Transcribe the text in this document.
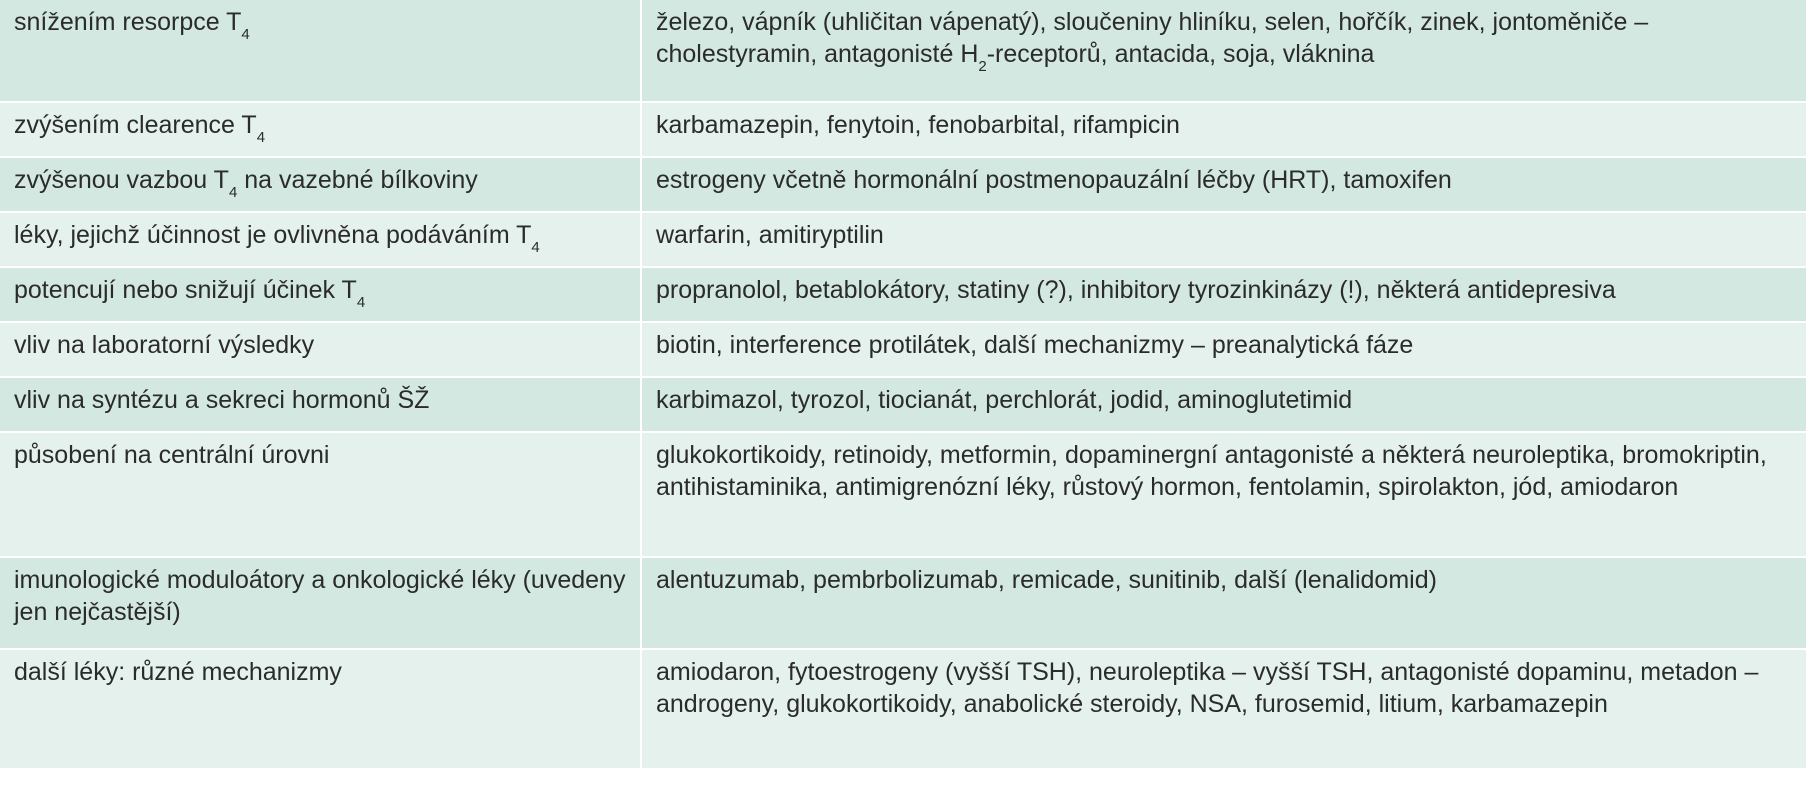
snížením resorpce $T_4$	železo, vápník (uhličitan vápenatý), sloučeniny hliníku, selen, hořčík, zinek, jontoměniče – cholestyramin, antagonisté $H_2$-receptorů, antacida, soja, vláknina
zvýšením clearence $T_4$	karbamazepin, fenytoin, fenobarbital, rifampicin
zvýšenou vazbou $T_4$ na vazebné bílkoviny	estrogeny včetně hormonální postmenopauzální léčby (HRT), tamoxifen
léky, jejichž účinnost je ovlivněna podáváním $T_4$	warfarin, amitiryptilin
potencují nebo snižují účinek $T_4$	propranolol, betablokátory, statiny (?), inhibitory tyrozinkinázy (!), některá antidepresiva
vliv na laboratorní výsledky	biotin, interference protilátek, další mechanizmy – preanalytická fáze
vliv na syntézu a sekreci hormonů ŠŽ	karbimazol, tyrozol, tiocianát, perchlorát, jodid, aminoglutetimid
působení na centrální úrovni	glukokortikoidy, retinoidy, metformin, dopaminergní antagonisté a některá neuroleptika, bromokriptin, antihistaminika, antimigrenózní léky, růstový hormon, fentolamin, spirolakton, jód, amiodaron
imunologické moduloátory a onkologické léky (uvedeny jen nejčastější)	alentuzumab, pembrbolizumab, remicade, sunitinib, další (lenalidomid)
další léky: různé mechanizmy	amiodaron, fytoestrogeny (vyšší TSH), neuroleptika – vyšší TSH, antagonisté dopaminu, metadon – androgeny, glukokortikoidy, anabolické steroidy, NSA, furosemid, litium, karbamazepin
